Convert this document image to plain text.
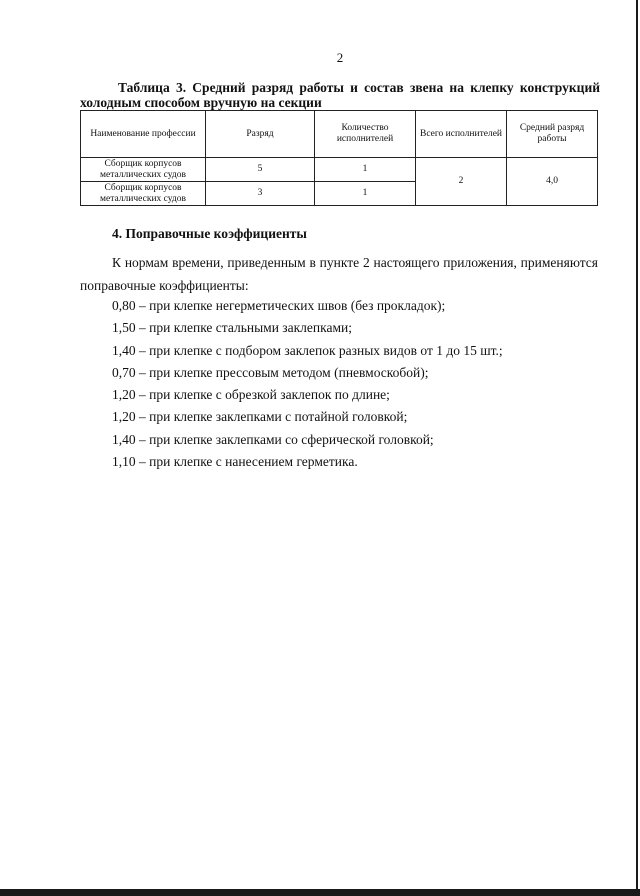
2
Таблица 3. Средний разряд работы и состав звена на клепку конструкций холодным способом вручную на секции
Наименование профессии	Разряд	Количество исполнителей	Всего исполнителей	Средний разряд работы
Сборщик корпусов металлических судов	5	1	2	4,0
Сборщик корпусов металлических судов	3	1		
4. Поправочные коэффициенты
К нормам времени, приведенным в пункте 2 настоящего приложения, применяются поправочные коэффициенты:
0,80 – при клепке негерметических швов (без прокладок);
1,50 – при клепке стальными заклепками;
1,40 – при клепке с подбором заклепок разных видов от 1 до 15 шт.;
0,70 – при клепке прессовым методом (пневмоскобой);
1,20 – при клепке с обрезкой заклепок по длине;
1,20 – при клепке заклепками с потайной головкой;
1,40 – при клепке заклепками со сферической головкой;
1,10 – при клепке с нанесением герметика.
